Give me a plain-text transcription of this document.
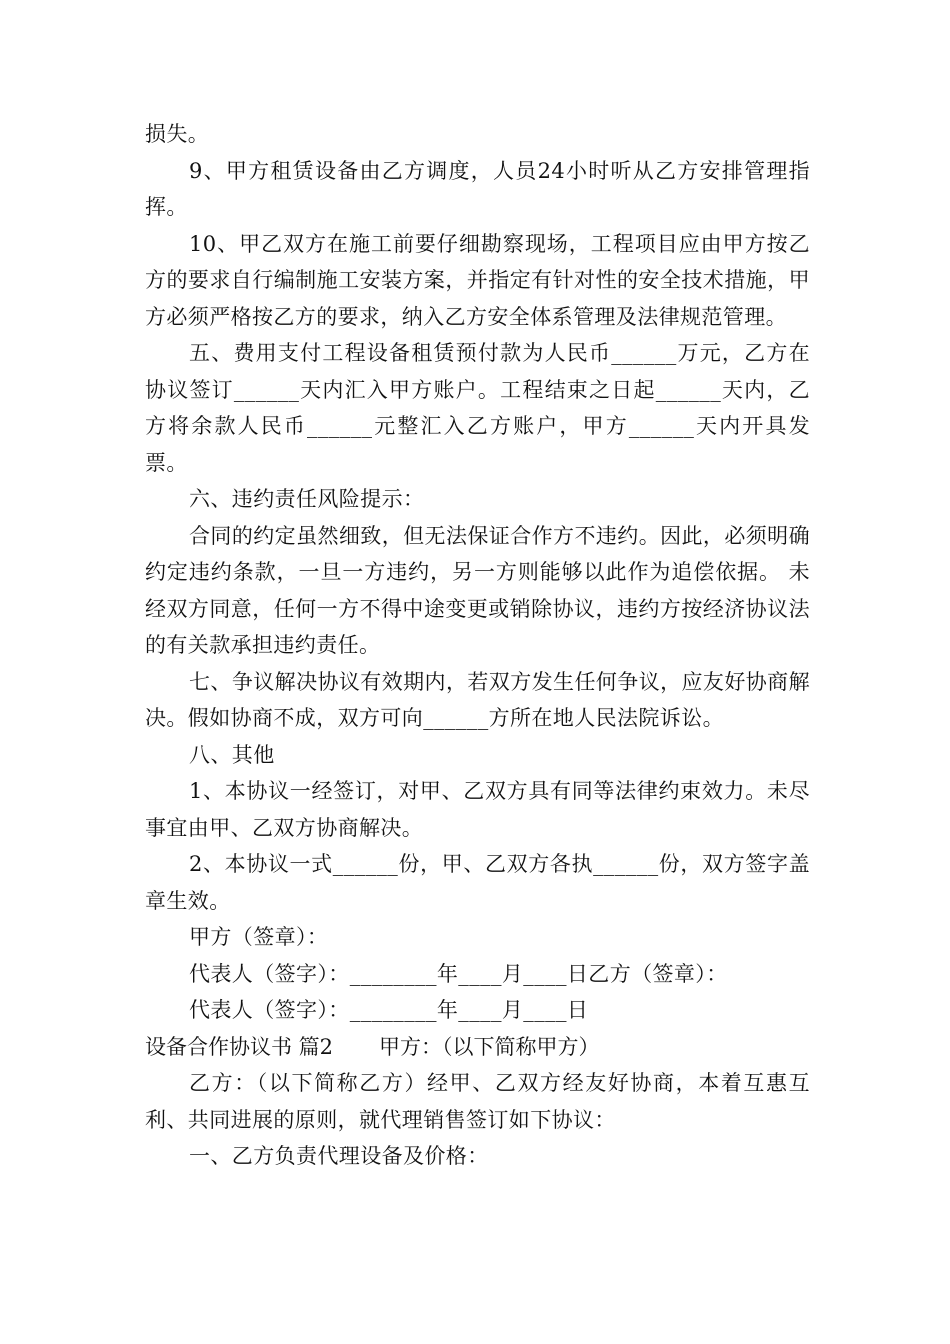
损失。

9、甲方租赁设备由乙方调度，人员24小时听从乙方安排管理指挥。

10、甲乙双方在施工前要仔细勘察现场，工程项目应由甲方按乙方的要求自行编制施工安装方案，并指定有针对性的安全技术措施，甲方必须严格按乙方的要求，纳入乙方安全体系管理及法律规范管理。

五、费用支付工程设备租赁预付款为人民币______万元，乙方在协议签订______天内汇入甲方账户。工程结束之日起______天内，乙方将余款人民币______元整汇入乙方账户，甲方______天内开具发票。

六、违约责任风险提示：

合同的约定虽然细致，但无法保证合作方不违约。因此，必须明确约定违约条款，一旦一方违约，另一方则能够以此作为追偿依据。 未经双方同意，任何一方不得中途变更或销除协议，违约方按经济协议法的有关款承担违约责任。

七、争议解决协议有效期内，若双方发生任何争议，应友好协商解决。假如协商不成，双方可向______方所在地人民法院诉讼。

八、其他

1、本协议一经签订，对甲、乙双方具有同等法律约束效力。未尽事宜由甲、乙双方协商解决。

2、本协议一式______份，甲、乙双方各执______份，双方签字盖章生效。

甲方（签章）：

代表人（签字）：________年____月____日乙方（签章）：

代表人（签字）：________年____月____日

设备合作协议书 篇2 甲方：（以下简称甲方）

乙方：（以下简称乙方）经甲、乙双方经友好协商，本着互惠互利、共同进展的原则，就代理销售签订如下协议：

一、乙方负责代理设备及价格：
